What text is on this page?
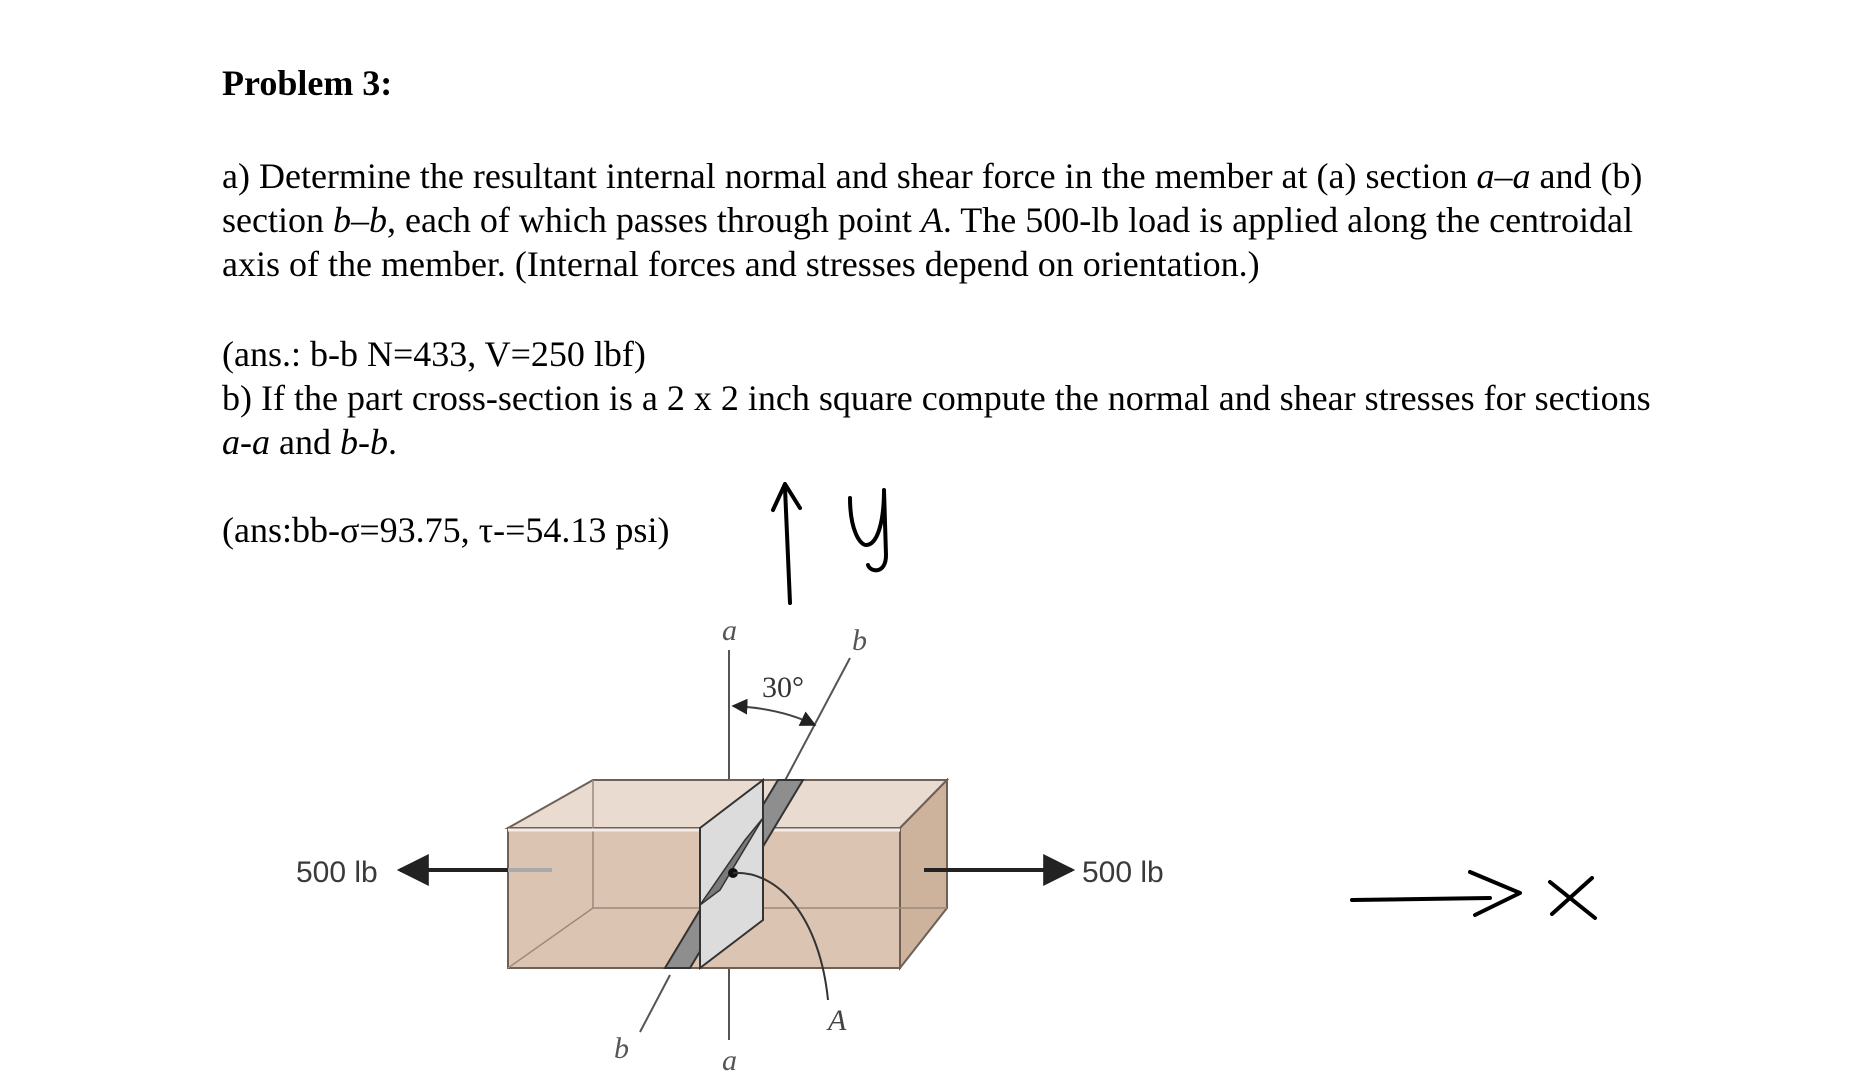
Problem 3:

a) Determine the resultant internal normal and shear force in the member at (a) section a–a and (b)
section b–b, each of which passes through point A. The 500-lb load is applied along the centroidal
axis of the member. (Internal forces and stresses depend on orientation.)

(ans.: b-b N=433, V=250 lbf)

b) If the part cross-section is a 2 x 2 inch square compute the normal and shear stresses for sections
a-a and b-b.

(ans:bb-σ=93.75, τ-=54.13 psi)	y
x
30°
A
500 lb	500 lb
a
a
b
b
